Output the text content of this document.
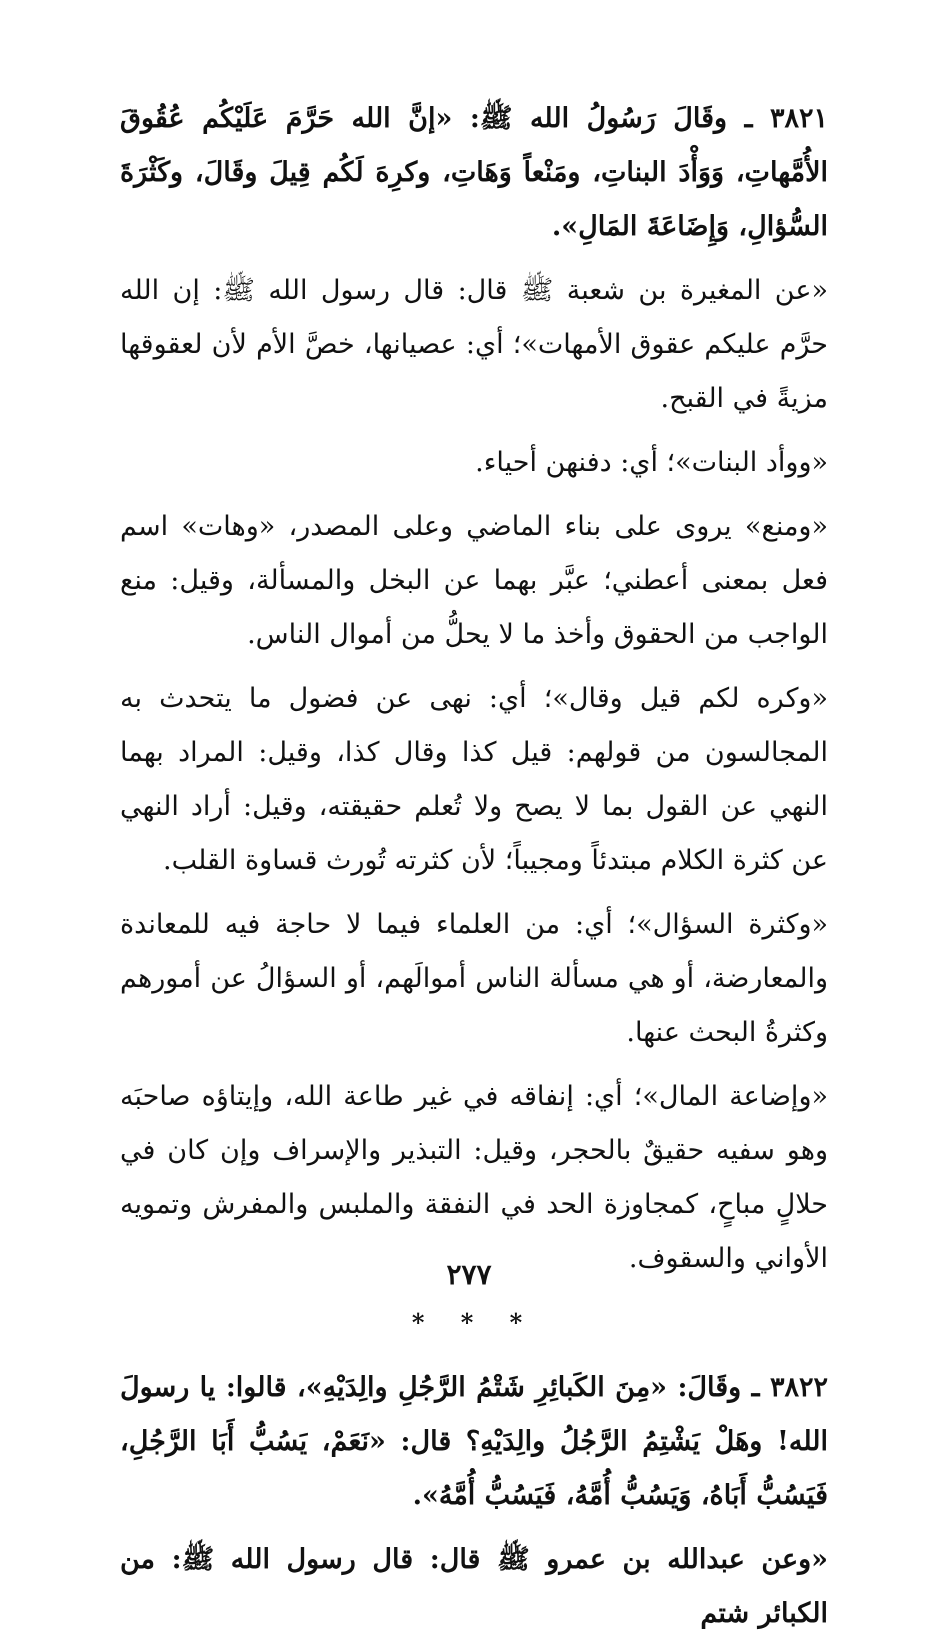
٣٨٢١ ـ وقَالَ رَسُولُ الله ﷺ: «إنَّ الله حَرَّمَ عَلَيْكُم عُقُوقَ الأُمَّهاتِ، وَوَأْدَ البناتِ، ومَنْعاً وَهَاتِ، وكرِهَ لَكُم قِيلَ وقَالَ، وكَثْرَةَ السُّؤالِ، وَإِضَاعَةَ المَالِ».

«عن المغيرة بن شعبة ﷺ قال: قال رسول الله ﷺ: إن الله حرَّم عليكم عقوق الأمهات»؛ أي: عصيانها، خصَّ الأم لأن لعقوقها مزيةً في القبح.

«ووأد البنات»؛ أي: دفنهن أحياء.

«ومنع» يروى على بناء الماضي وعلى المصدر، «وهات» اسم فعل بمعنى أعطني؛ عبَّر بهما عن البخل والمسألة، وقيل: منع الواجب من الحقوق وأخذ ما لا يحلُّ من أموال الناس.

«وكره لكم قيل وقال»؛ أي: نهى عن فضول ما يتحدث به المجالسون من قولهم: قيل كذا وقال كذا، وقيل: المراد بهما النهي عن القول بما لا يصح ولا تُعلم حقيقته، وقيل: أراد النهي عن كثرة الكلام مبتدئاً ومجيباً؛ لأن كثرته تُورث قساوة القلب.

«وكثرة السؤال»؛ أي: من العلماء فيما لا حاجة فيه للمعاندة والمعارضة، أو هي مسألة الناس أموالَهم، أو السؤالُ عن أمورهم وكثرةُ البحث عنها.

«وإضاعة المال»؛ أي: إنفاقه في غير طاعة الله، وإيتاؤه صاحبَه وهو سفيه حقيقٌ بالحجر، وقيل: التبذير والإسراف وإن كان في حلالٍ مباحٍ، كمجاوزة الحد في النفقة والملبس والمفرش وتمويه الأواني والسقوف.

* * *

٣٨٢٢ ـ وقَالَ: «مِنَ الكَبائِرِ شَتْمُ الرَّجُلِ والِدَيْهِ»، قالوا: يا رسولَ الله! وهَلْ يَشْتِمُ الرَّجُلُ والِدَيْهِ؟ قال: «نَعَمْ، يَسُبُّ أَبَا الرَّجُلِ، فَيَسُبُّ أَبَاهُ، وَيَسُبُّ أُمَّهُ، فَيَسُبُّ أُمَّهُ».

«وعن عبدالله بن عمرو ﷺ قال: قال رسول الله ﷺ: من الكبائر شتم

٢٧٧
